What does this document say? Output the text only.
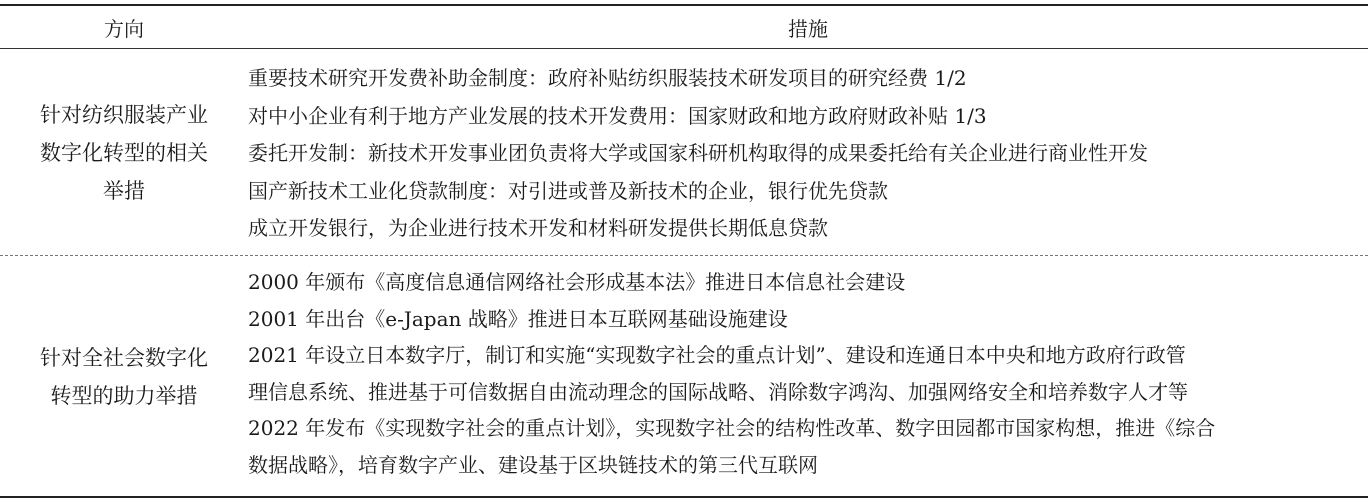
方向	措施
针对纺织服装产业
数字化转型的相关
举措
重要技术研究开发费补助金制度：政府补贴纺织服装技术研发项目的研究经费 1/2
对中小企业有利于地方产业发展的技术开发费用：国家财政和地方政府财政补贴 1/3
委托开发制：新技术开发事业团负责将大学或国家科研机构取得的成果委托给有关企业进行商业性开发
国产新技术工业化贷款制度：对引进或普及新技术的企业，银行优先贷款
成立开发银行，为企业进行技术开发和材料研发提供长期低息贷款
针对全社会数字化
转型的助力举措
2000 年颁布《高度信息通信网络社会形成基本法》推进日本信息社会建设
2001 年出台《e-Japan 战略》推进日本互联网基础设施建设
2021 年设立日本数字厅，制订和实施“实现数字社会的重点计划”、建设和连通日本中央和地方政府行政管
理信息系统、推进基于可信数据自由流动理念的国际战略、消除数字鸿沟、加强网络安全和培养数字人才等
2022 年发布《实现数字社会的重点计划》，实现数字社会的结构性改革、数字田园都市国家构想，推进《综合
数据战略》，培育数字产业、建设基于区块链技术的第三代互联网
